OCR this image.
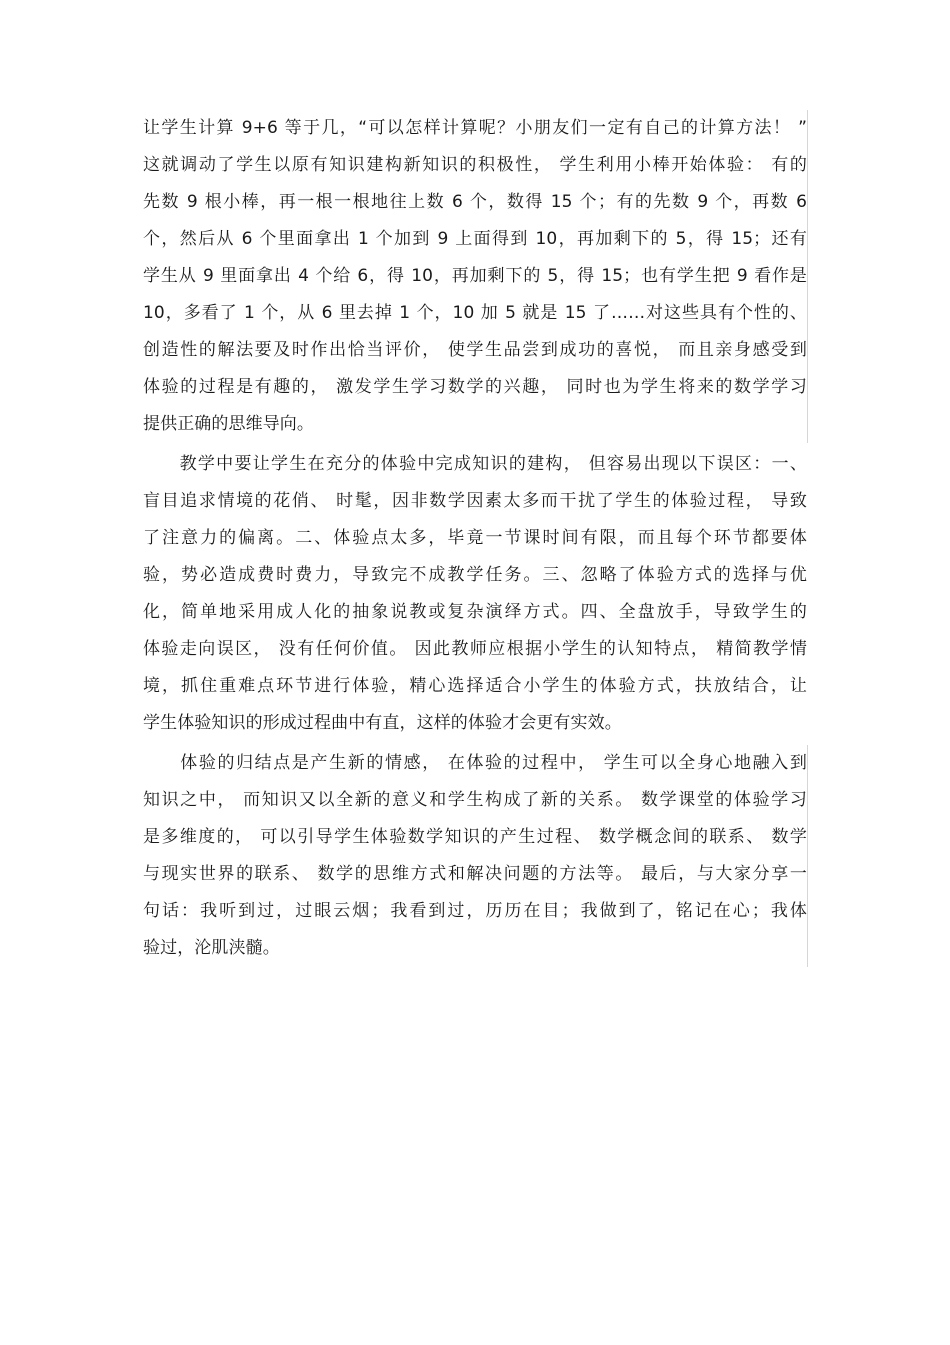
让学生计算 9+6 等于几，“可以怎样计算呢？小朋友们一定有自己的计算方法！ ”
这就调动了学生以原有知识建构新知识的积极性， 学生利用小棒开始体验： 有的
先数 9 根小棒，再一根一根地往上数 6 个，数得 15 个；有的先数 9 个，再数 6
个，然后从 6 个里面拿出 1 个加到 9 上面得到 10，再加剩下的 5，得 15；还有
学生从 9 里面拿出 4 个给 6，得 10，再加剩下的 5，得 15；也有学生把 9 看作是
10，多看了 1 个，从 6 里去掉 1 个，10 加 5 就是 15 了……对这些具有个性的、
创造性的解法要及时作出恰当评价， 使学生品尝到成功的喜悦， 而且亲身感受到
体验的过程是有趣的， 激发学生学习数学的兴趣， 同时也为学生将来的数学学习
提供正确的思维导向。
　　教学中要让学生在充分的体验中完成知识的建构， 但容易出现以下误区：一、
盲目追求情境的花俏、 时髦，因非数学因素太多而干扰了学生的体验过程， 导致
了注意力的偏离。二、体验点太多，毕竟一节课时间有限，而且每个环节都要体
验，势必造成费时费力，导致完不成教学任务。三、忽略了体验方式的选择与优
化，简单地采用成人化的抽象说教或复杂演绎方式。四、全盘放手，导致学生的
体验走向误区， 没有任何价值。 因此教师应根据小学生的认知特点， 精简教学情
境，抓住重难点环节进行体验，精心选择适合小学生的体验方式，扶放结合，让
学生体验知识的形成过程曲中有直，这样的体验才会更有实效。
　　体验的归结点是产生新的情感， 在体验的过程中， 学生可以全身心地融入到
知识之中， 而知识又以全新的意义和学生构成了新的关系。 数学课堂的体验学习
是多维度的， 可以引导学生体验数学知识的产生过程、 数学概念间的联系、 数学
与现实世界的联系、 数学的思维方式和解决问题的方法等。 最后，与大家分享一
句话：我听到过，过眼云烟；我看到过，历历在目；我做到了，铭记在心；我体
验过，沦肌浃髓。
